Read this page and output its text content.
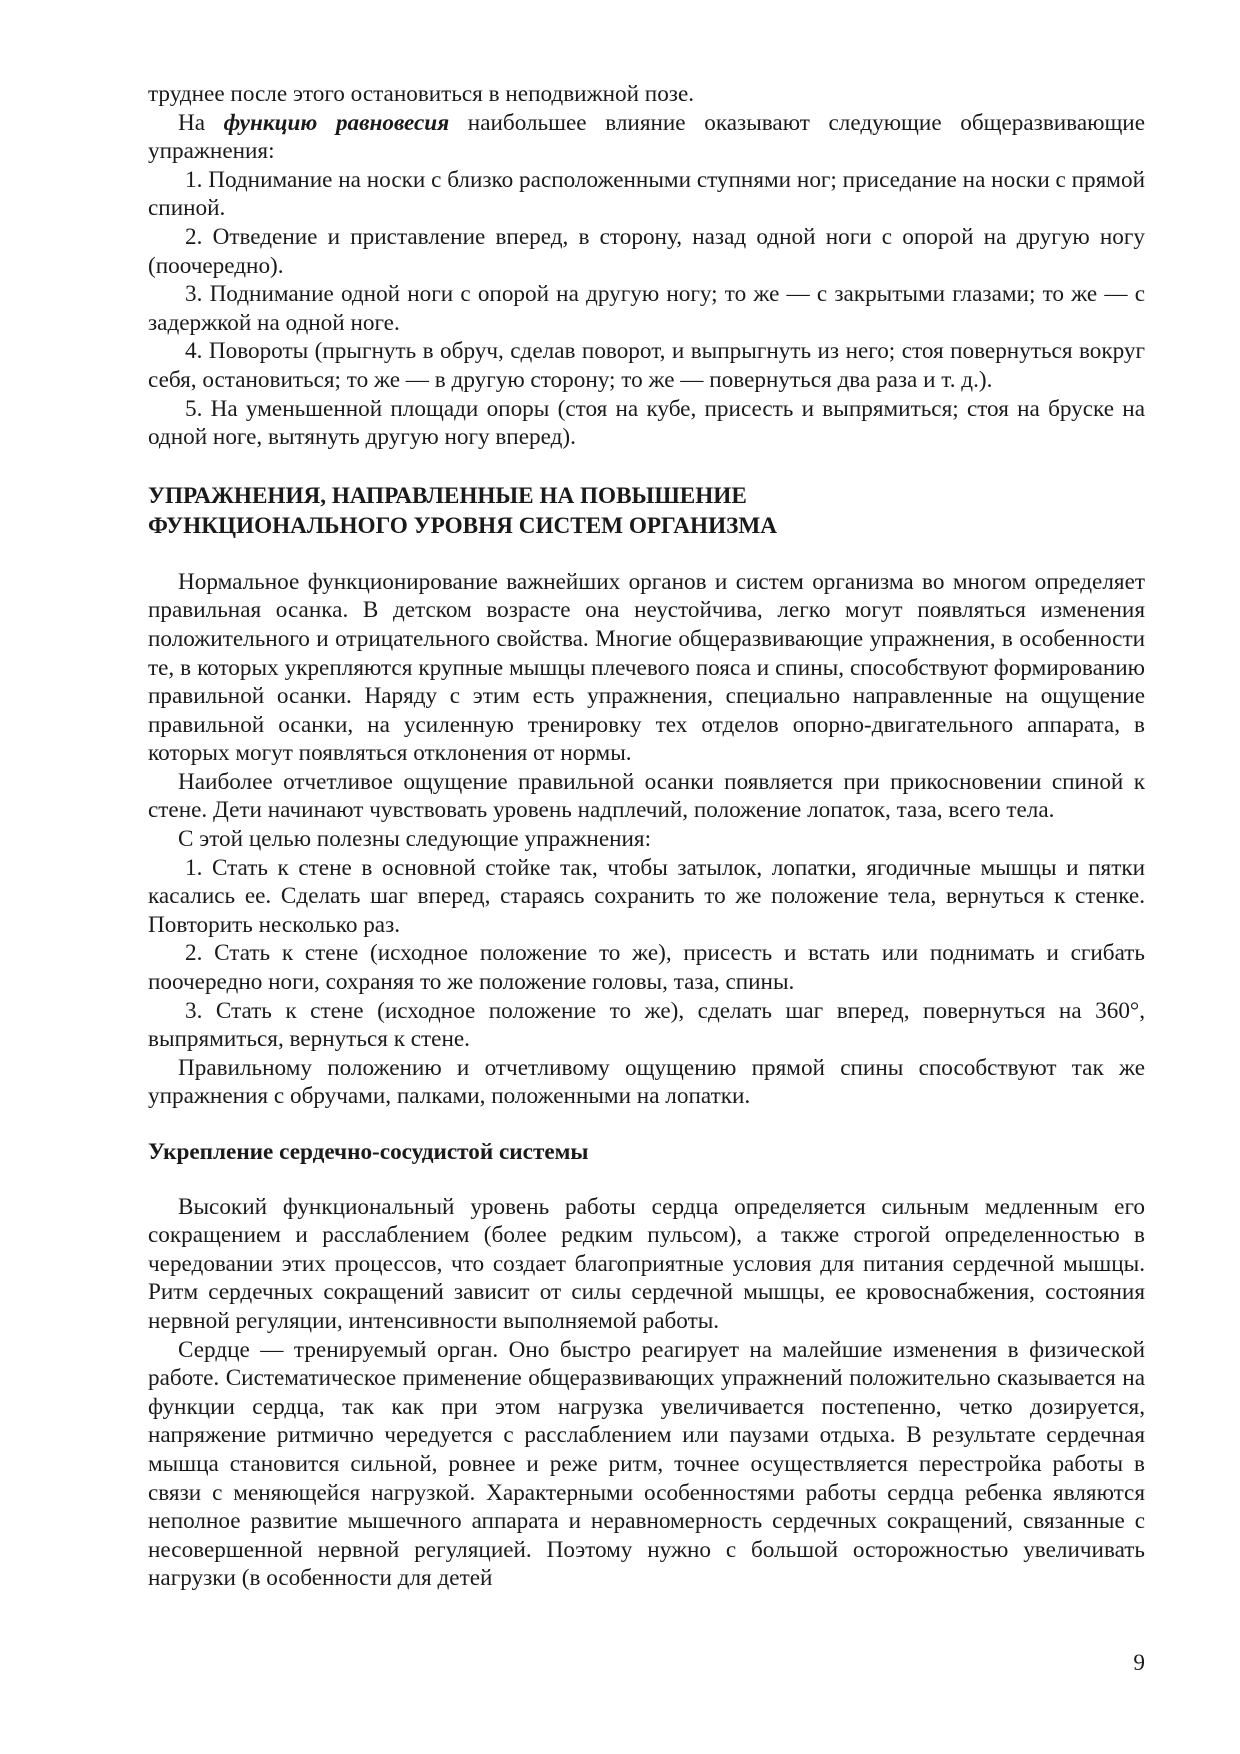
труднее после этого остановиться в неподвижной позе.

На функцию равновесия наибольшее влияние оказывают следующие общеразвивающие упражнения:

1. Поднимание на носки с близко расположенными ступнями ног; приседание на носки с прямой спиной.

2. Отведение и приставление вперед, в сторону, назад одной ноги с опорой на другую ногу (поочередно).

3. Поднимание одной ноги с опорой на другую ногу; то же — с закрытыми глазами; то же — с задержкой на одной ноге.

4. Повороты (прыгнуть в обруч, сделав поворот, и выпрыгнуть из него; стоя повернуться вокруг себя, остановиться; то же — в другую сторону; то же — повернуться два раза и т. д.).

5. На уменьшенной площади опоры (стоя на кубе, присесть и выпрямиться; стоя на бруске на одной ноге, вытянуть другую ногу вперед).

УПРАЖНЕНИЯ, НАПРАВЛЕННЫЕ НА ПОВЫШЕНИЕ
ФУНКЦИОНАЛЬНОГО УРОВНЯ СИСТЕМ ОРГАНИЗМА

Нормальное функционирование важнейших органов и систем организма во многом определяет правильная осанка. В детском возрасте она неустойчива, легко могут появляться изменения положительного и отрицательного свойства. Многие общеразвивающие упражнения, в особенности те, в которых укрепляются крупные мышцы плечевого пояса и спины, способствуют формированию правильной осанки. Наряду с этим есть упражнения, специально направленные на ощущение правильной осанки, на усиленную тренировку тех отделов опорно-двигательного аппарата, в которых могут появляться отклонения от нормы.

Наиболее отчетливое ощущение правильной осанки появляется при прикосновении спиной к стене. Дети начинают чувствовать уровень надплечий, положение лопаток, таза, всего тела.

С этой целью полезны следующие упражнения:

1. Стать к стене в основной стойке так, чтобы затылок, лопатки, ягодичные мышцы и пятки касались ее. Сделать шаг вперед, стараясь сохранить то же положение тела, вернуться к стенке. Повторить несколько раз.

2. Стать к стене (исходное положение то же), присесть и встать или поднимать и сгибать поочередно ноги, сохраняя то же положение головы, таза, спины.

3. Стать к стене (исходное положение то же), сделать шаг вперед, повернуться на 360°, выпрямиться, вернуться к стене.

Правильному положению и отчетливому ощущению прямой спины способствуют так же упражнения с обручами, палками, положенными на лопатки.

Укрепление сердечно-сосудистой системы

Высокий функциональный уровень работы сердца определяется сильным медленным его сокращением и расслаблением (более редким пульсом), а также строгой определенностью в чередовании этих процессов, что создает благоприятные условия для питания сердечной мышцы. Ритм сердечных сокращений зависит от силы сердечной мышцы, ее кровоснабжения, состояния нервной регуляции, интенсивности выполняемой работы.

Сердце — тренируемый орган. Оно быстро реагирует на малейшие изменения в физической работе. Систематическое применение общеразвивающих упражнений положительно сказывается на функции сердца, так как при этом нагрузка увеличивается постепенно, четко дозируется, напряжение ритмично чередуется с расслаблением или паузами отдыха. В результате сердечная мышца становится сильной, ровнее и реже ритм, точнее осуществляется перестройка работы в связи с меняющейся нагрузкой. Характерными особенностями работы сердца ребенка являются неполное развитие мышечного аппарата и неравномерность сердечных сокращений, связанные с несовершенной нервной регуляцией. Поэтому нужно с большой осторожностью увеличивать нагрузки (в особенности для детей

9
